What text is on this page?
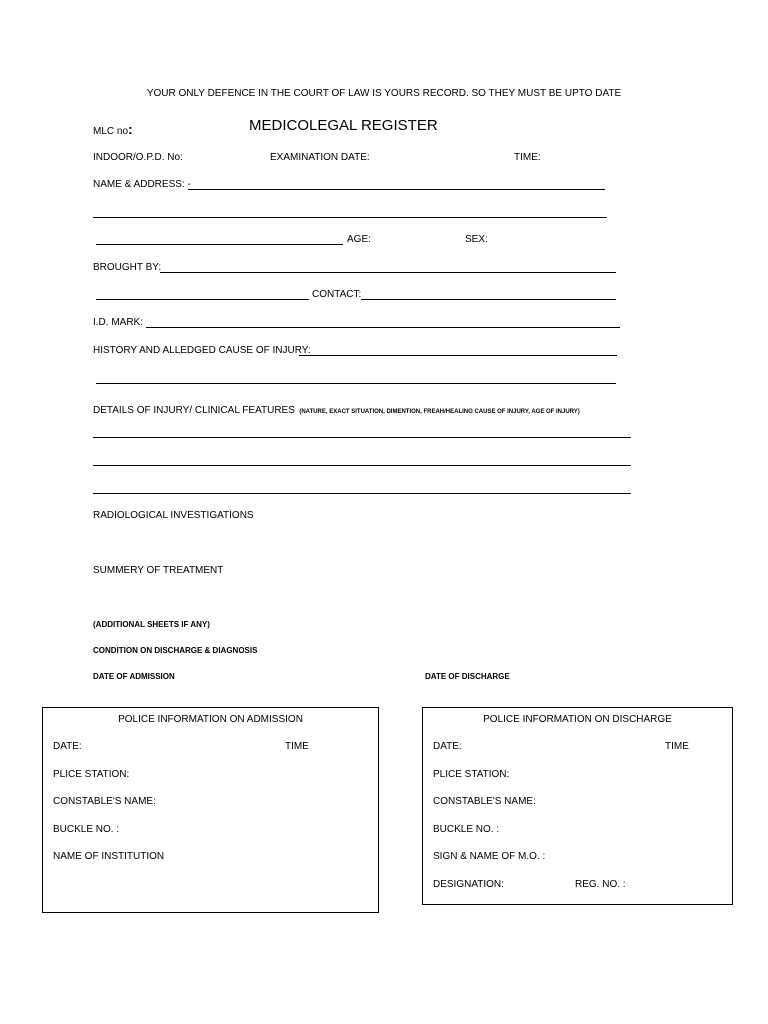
YOUR ONLY DEFENCE IN THE COURT OF LAW IS YOURS RECORD. SO THEY MUST BE UPTO DATE
MLC no:	MEDICOLEGAL REGISTER
INDOOR/O.P.D. No:	EXAMINATION DATE:	TIME:
NAME & ADDRESS: -
AGE:	SEX:
BROUGHT BY:
CONTACT:
I.D. MARK:
HISTORY AND ALLEDGED CAUSE OF INJURY:
DETAILS OF INJURY/ CLINICAL FEATURES (NATURE, EXACT SITUATION, DIMENTION, FREAH/HEALING CAUSE OF INJURY, AGE OF INJURY)
RADIOLOGICAL INVESTIGATIONS
SUMMERY OF TREATMENT
(ADDITIONAL SHEETS IF ANY)
CONDITION ON DISCHARGE & DIAGNOSIS
DATE OF ADMISSION	DATE OF DISCHARGE
POLICE INFORMATION ON ADMISSION
DATE:	TIME
PLICE STATION:
CONSTABLE'S NAME:
BUCKLE NO. :
NAME OF INSTITUTION
POLICE INFORMATION ON DISCHARGE
DATE:	TIME
PLICE STATION:
CONSTABLE'S NAME:
BUCKLE NO. :
SIGN & NAME OF M.O. :
DESIGNATION:	REG. NO. :
